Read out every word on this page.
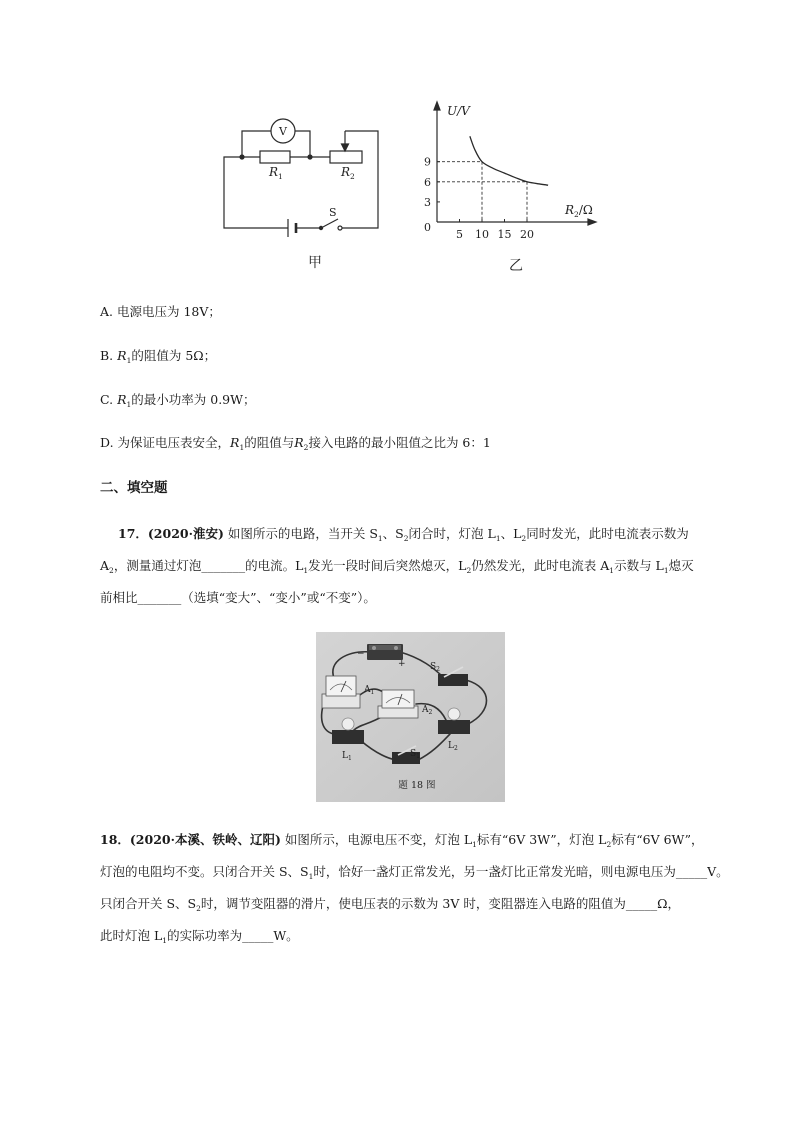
V
$R_1$	$R_2$
S
甲
5 10 15 20
3
6
9
U/V
$R_2/\Omega$
0
乙
A. 电源电压为 18V；
B. $R_1$的阻值为 5Ω；
C. $R_1$的最小功率为 0.9W；
D. 为保证电压表安全，$R_1$的阻值与$R_2$接入电路的最小阻值之比为 6：1
二、填空题
17．(2020·淮安) 如图所示的电路，当开关 $S_1$、$S_2$闭合时，灯泡 $L_1$、$L_2$同时发光，此时电流表示数为
$A_2$，测量通过灯泡_______的电流。$L_1$发光一段时间后突然熄灭，$L_2$仍然发光，此时电流表 $A_1$示数与 $L_1$熄灭
前相比_______（选填“变大”、“变小”或“不变”）。
−
+	$S_2$
$A_1$
$A_2$
$L_1$
$L_2$
$S_1$
题 18 图
18．(2020·本溪、铁岭、辽阳) 如图所示，电源电压不变，灯泡 $L_1$标有“6V 3W”，灯泡 $L_2$标有“6V 6W”，
灯泡的电阻均不变。只闭合开关 S、$S_1$时，恰好一盏灯正常发光，另一盏灯比正常发光暗，则电源电压为_____V。
只闭合开关 S、$S_2$时，调节变阻器的滑片，使电压表的示数为 3V 时，变阻器连入电路的阻值为_____Ω，
此时灯泡 $L_1$的实际功率为_____W。
